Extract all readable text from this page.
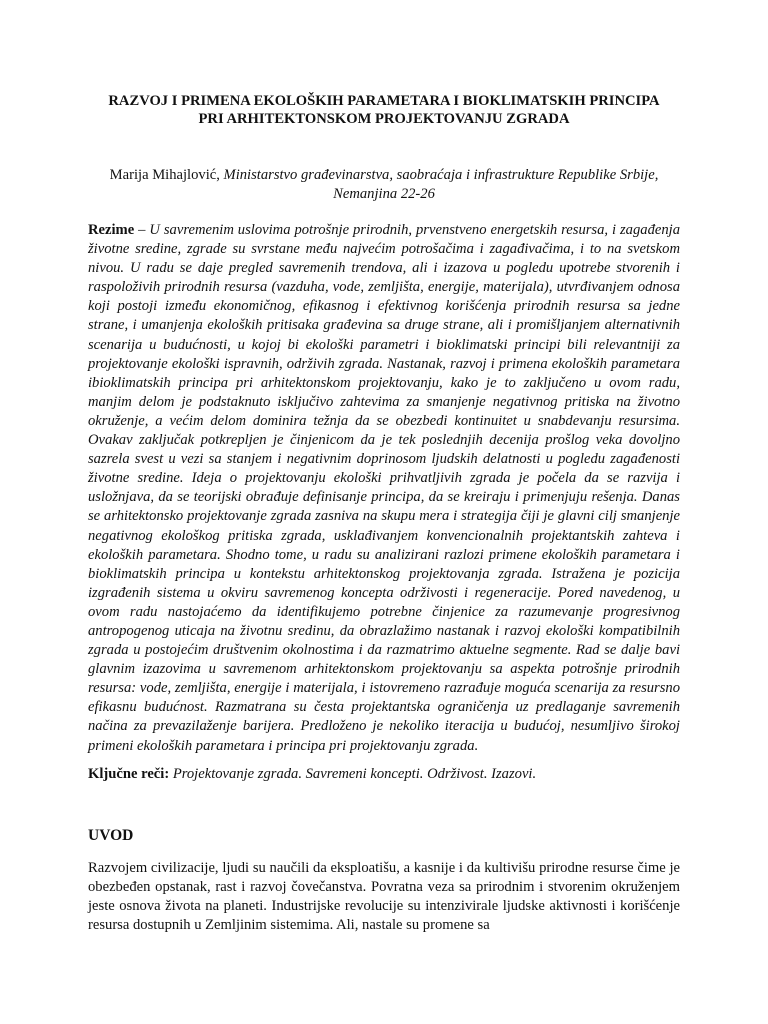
RAZVOJ I PRIMENA EKOLOŠKIH PARAMETARA I BIOKLIMATSKIH PRINCIPA
PRI ARHITEKTONSKOM PROJEKTOVANJU ZGRADA

Marija Mihajlović, Ministarstvo građevinarstva, saobraćaja i infrastrukture Republike Srbije, Nemanjina 22-26

Rezime – U savremenim uslovima potrošnje prirodnih, prvenstveno energetskih resursa, i zagađenja životne sredine, zgrade su svrstane među najvećim potrošačima i zagađivačima, i to na svetskom nivou. U radu se daje pregled savremenih trendova, ali i izazova u pogledu upotrebe stvorenih i raspoloživih prirodnih resursa (vazduha, vode, zemljišta, energije, materijala), utvrđivanjem odnosa koji postoji između ekonomičnog, efikasnog i efektivnog korišćenja prirodnih resursa sa jedne strane, i umanjenja ekoloških pritisaka građevina sa druge strane, ali i promišljanjem alternativnih scenarija u budućnosti, u kojoj bi ekološki parametri i bioklimatski principi bili relevantniji za projektovanje ekološki ispravnih, održivih zgrada. Nastanak, razvoj i primena ekoloških parametara ibioklimatskih principa pri arhitektonskom projektovanju, kako je to zaključeno u ovom radu, manjim delom je podstaknuto isključivo zahtevima za smanjenje negativnog pritiska na životno okruženje, a većim delom dominira težnja da se obezbedi kontinuitet u snabdevanju resursima. Ovakav zaključak potkrepljen je činjenicom da je tek poslednjih decenija prošlog veka dovoljno sazrela svest u vezi sa stanjem i negativnim doprinosom ljudskih delatnosti u pogledu zagađenosti životne sredine. Ideja o projektovanju ekološki prihvatljivih zgrada je počela da se razvija i usložnjava, da se teorijski obrađuje definisanje principa, da se kreiraju i primenjuju rešenja. Danas se arhitektonsko projektovanje zgrada zasniva na skupu mera i strategija čiji je glavni cilj smanjenje negativnog ekološkog pritiska zgrada, usklađivanjem konvencionalnih projektantskih zahteva i ekoloških parametara. Shodno tome, u radu su analizirani razlozi primene ekoloških parametara i bioklimatskih principa u kontekstu arhitektonskog projektovanja zgrada. Istražena je pozicija izgrađenih sistema u okviru savremenog koncepta održivosti i regeneracije. Pored navedenog, u ovom radu nastojaćemo da identifikujemo potrebne činjenice za razumevanje progresivnog antropogenog uticaja na životnu sredinu, da obrazlažimo nastanak i razvoj ekološki kompatibilnih zgrada u postojećim društvenim okolnostima i da razmatrimo aktuelne segmente. Rad se dalje bavi glavnim izazovima u savremenom arhitektonskom projektovanju sa aspekta potrošnje prirodnih resursa: vode, zemljišta, energije i materijala, i istovremeno razrađuje moguća scenarija za resursno efikasnu budućnost. Razmatrana su česta projektantska ograničenja uz predlaganje savremenih načina za prevazilaženje barijera. Predloženo je nekoliko iteracija u budućoj, nesumljivo širokoj primeni ekoloških parametara i principa pri projektovanju zgrada.

Ključne reči: Projektovanje zgrada. Savremeni koncepti. Održivost. Izazovi.

UVOD

Razvojem civilizacije, ljudi su naučili da eksploatišu, a kasnije i da kultivišu prirodne resurse čime je obezbeđen opstanak, rast i razvoj čovečanstva. Povratna veza sa prirodnim i stvorenim okruženjem jeste osnova života na planeti. Industrijske revolucije su intenzivirale ljudske aktivnosti i korišćenje resursa dostupnih u Zemljinim sistemima. Ali, nastale su promene sa
